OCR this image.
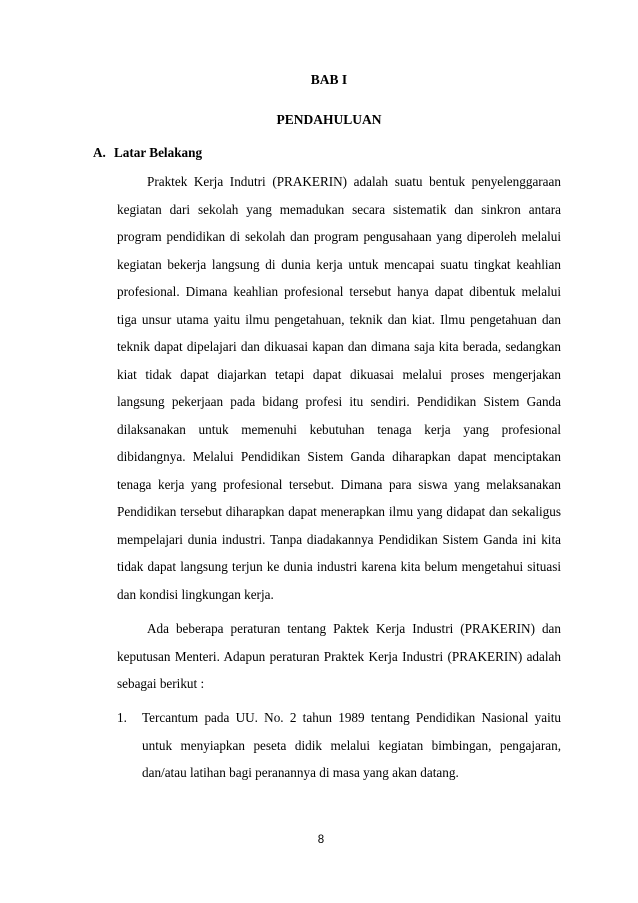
BAB I
PENDAHULUAN
A. Latar Belakang

Praktek Kerja Indutri (PRAKERIN) adalah suatu bentuk penyelenggaraan kegiatan dari sekolah yang memadukan secara sistematik dan sinkron antara program pendidikan di sekolah dan program pengusahaan yang diperoleh melalui kegiatan bekerja langsung di dunia kerja untuk mencapai suatu tingkat keahlian profesional. Dimana keahlian profesional tersebut hanya dapat dibentuk melalui tiga unsur utama yaitu ilmu pengetahuan, teknik dan kiat. Ilmu pengetahuan dan teknik dapat dipelajari dan dikuasai kapan dan dimana saja kita berada, sedangkan kiat tidak dapat diajarkan tetapi dapat dikuasai melalui proses mengerjakan langsung pekerjaan pada bidang profesi itu sendiri. Pendidikan Sistem Ganda dilaksanakan untuk memenuhi kebutuhan tenaga kerja yang profesional dibidangnya. Melalui Pendidikan Sistem Ganda diharapkan dapat menciptakan tenaga kerja yang profesional tersebut. Dimana para siswa yang melaksanakan Pendidikan tersebut diharapkan dapat menerapkan ilmu yang didapat dan sekaligus mempelajari dunia industri. Tanpa diadakannya Pendidikan Sistem Ganda ini kita tidak dapat langsung terjun ke dunia industri karena kita belum mengetahui situasi dan kondisi lingkungan kerja.

Ada beberapa peraturan tentang Paktek Kerja Industri (PRAKERIN) dan keputusan Menteri. Adapun peraturan Praktek Kerja Industri (PRAKERIN) adalah sebagai berikut :

1. Tercantum pada UU. No. 2 tahun 1989 tentang Pendidikan Nasional yaitu untuk menyiapkan peseta didik melalui kegiatan bimbingan, pengajaran, dan/atau latihan bagi peranannya di masa yang akan datang.
8
